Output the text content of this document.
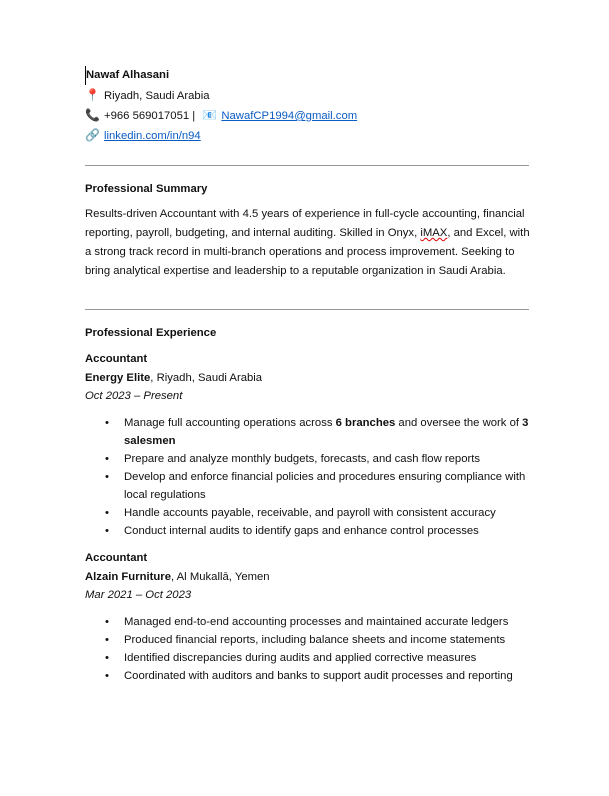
Nawaf Alhasani
📍 Riyadh, Saudi Arabia
📞 +966 569017051 | 📧 NawafCP1994@gmail.com
🔗 linkedin.com/in/n94
Professional Summary
Results-driven Accountant with 4.5 years of experience in full-cycle accounting, financial reporting, payroll, budgeting, and internal auditing. Skilled in Onyx, iMAX, and Excel, with a strong track record in multi-branch operations and process improvement. Seeking to bring analytical expertise and leadership to a reputable organization in Saudi Arabia.
Professional Experience
Accountant
Energy Elite, Riyadh, Saudi Arabia
Oct 2023 – Present
• Manage full accounting operations across 6 branches and oversee the work of 3 salesmen
• Prepare and analyze monthly budgets, forecasts, and cash flow reports
• Develop and enforce financial policies and procedures ensuring compliance with local regulations
• Handle accounts payable, receivable, and payroll with consistent accuracy
• Conduct internal audits to identify gaps and enhance control processes
Accountant
Alzain Furniture, Al Mukallā, Yemen
Mar 2021 – Oct 2023
• Managed end-to-end accounting processes and maintained accurate ledgers
• Produced financial reports, including balance sheets and income statements
• Identified discrepancies during audits and applied corrective measures
• Coordinated with auditors and banks to support audit processes and reporting
